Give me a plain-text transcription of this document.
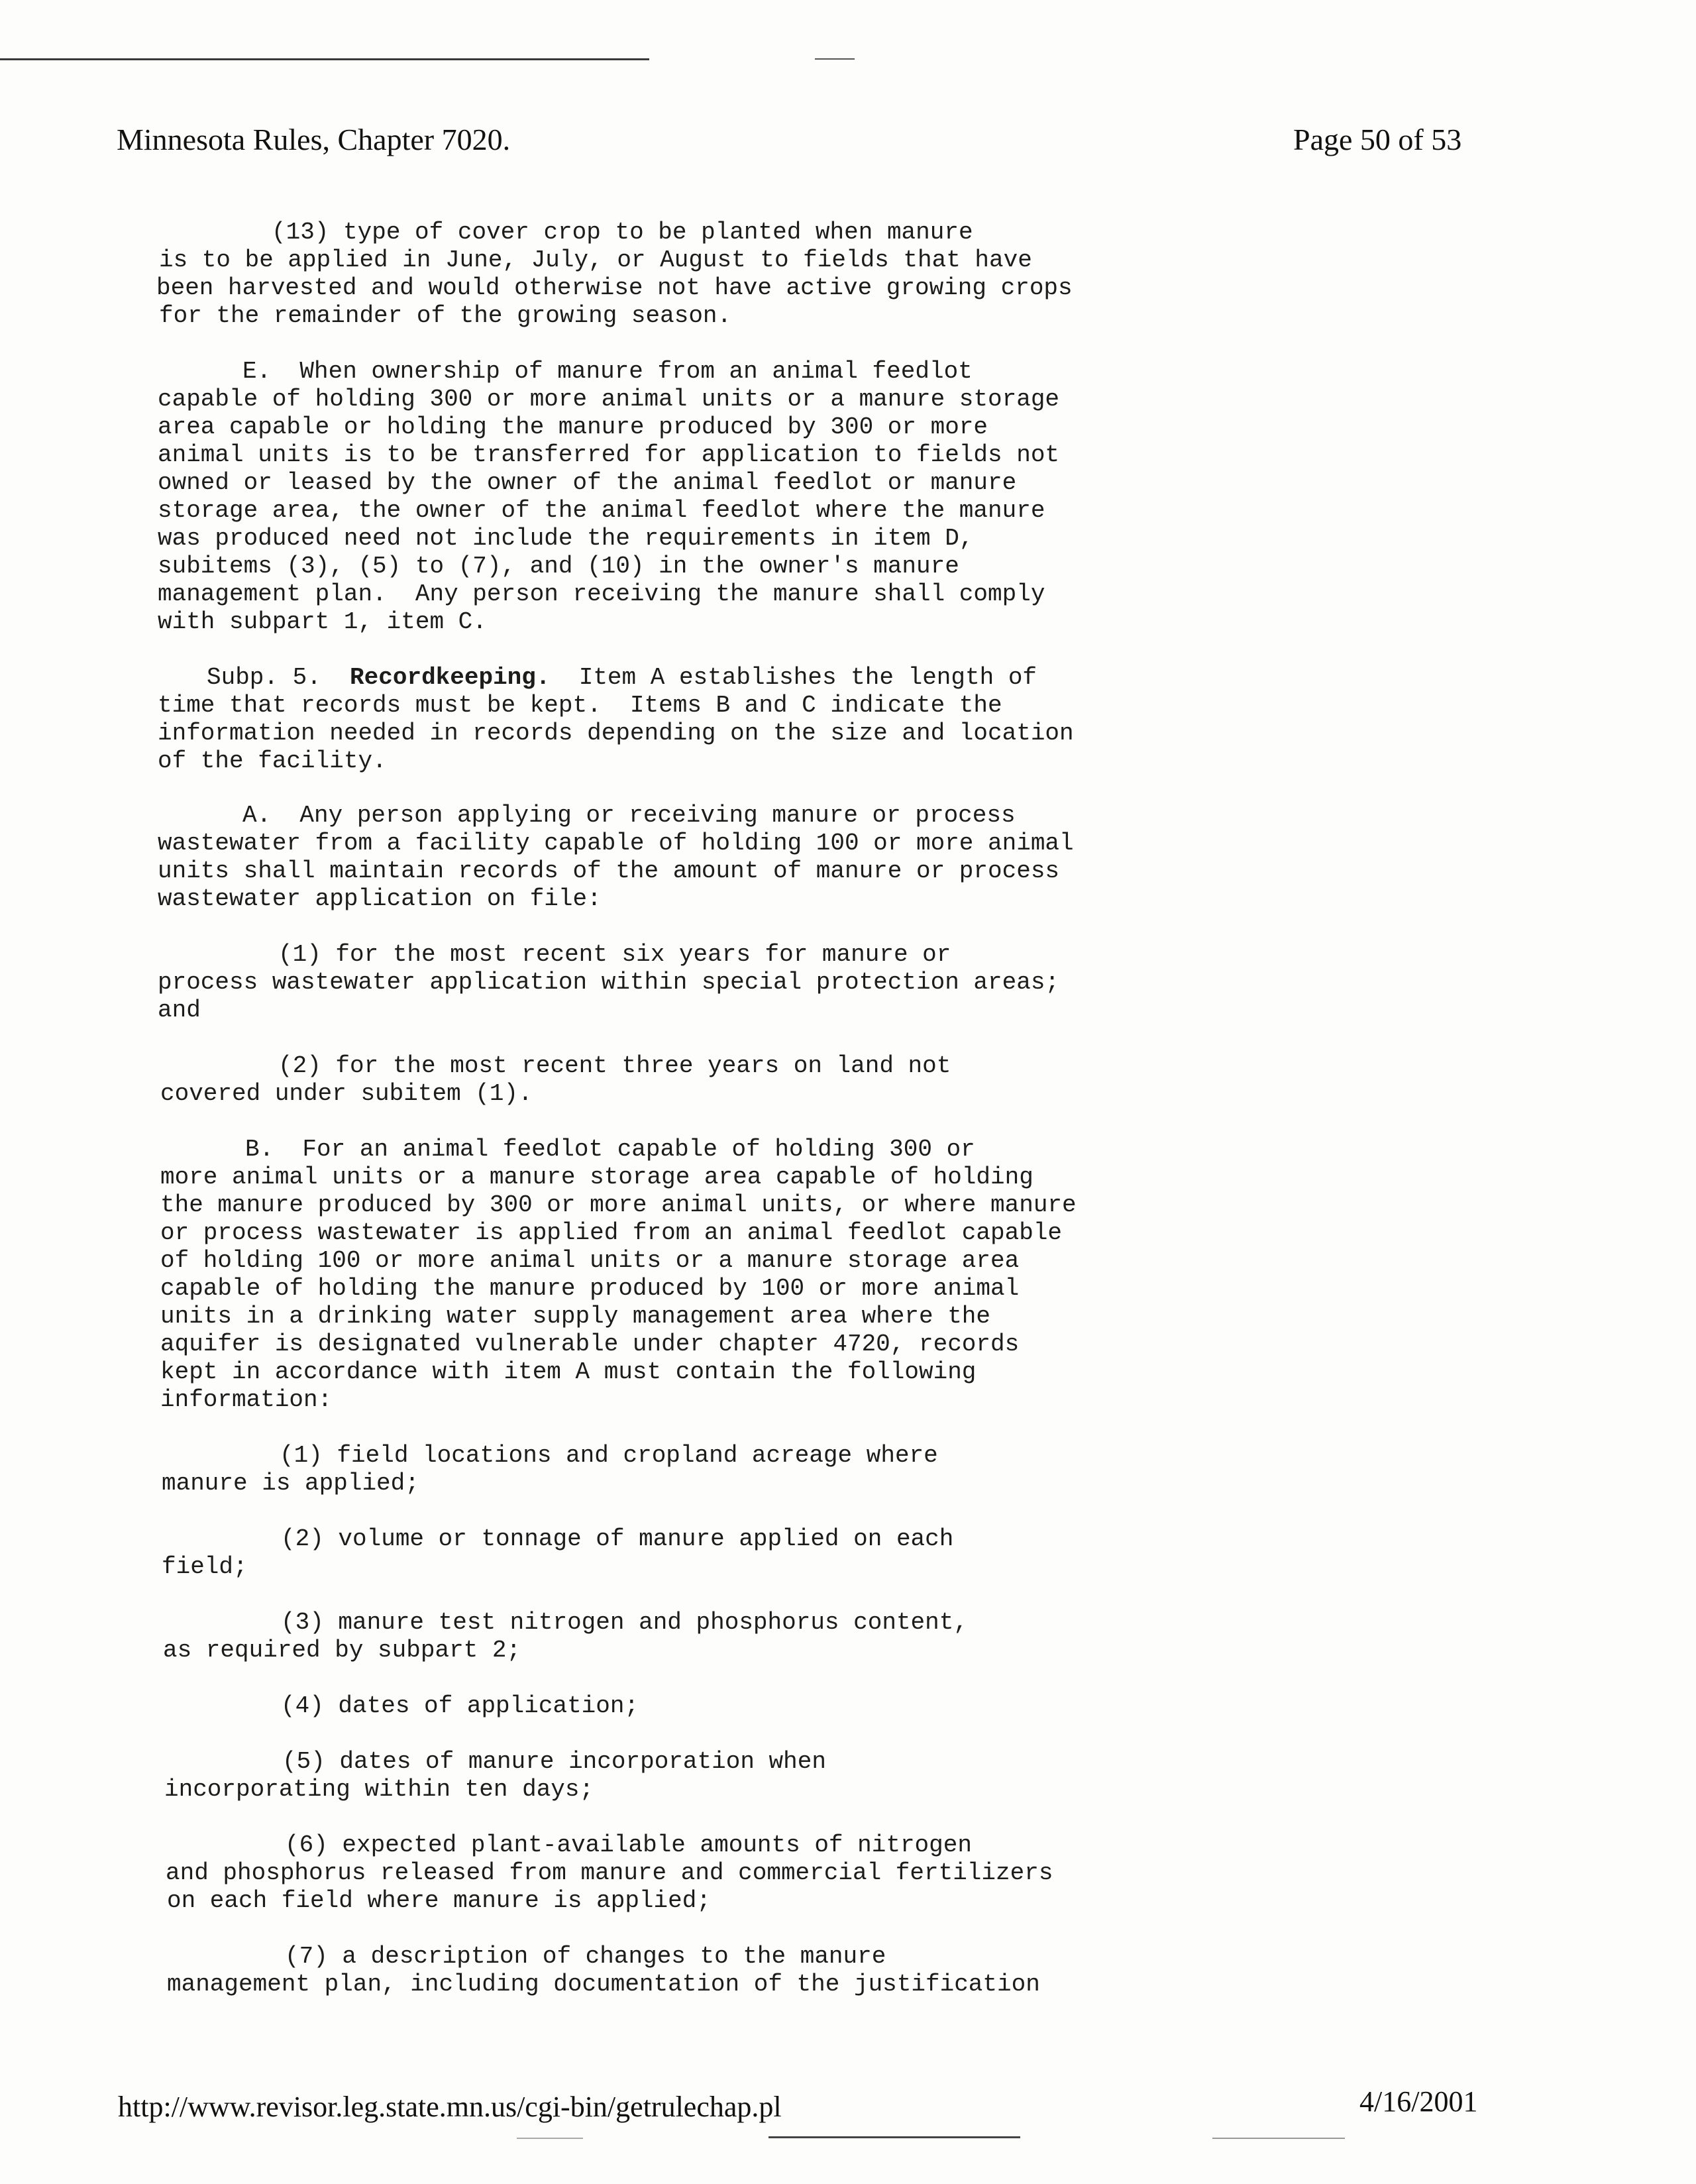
Minnesota Rules, Chapter 7020.	Page 50 of 53
(13) type of cover crop to be planted when manure
is to be applied in June, July, or August to fields that have
been harvested and would otherwise not have active growing crops
for the remainder of the growing season.
E.  When ownership of manure from an animal feedlot
capable of holding 300 or more animal units or a manure storage
area capable or holding the manure produced by 300 or more
animal units is to be transferred for application to fields not
owned or leased by the owner of the animal feedlot or manure
storage area, the owner of the animal feedlot where the manure
was produced need not include the requirements in item D,
subitems (3), (5) to (7), and (10) in the owner's manure
management plan.  Any person receiving the manure shall comply
with subpart 1, item C.
Subp. 5. Recordkeeping. Item A establishes the length of
time that records must be kept.  Items B and C indicate the
information needed in records depending on the size and location
of the facility.
A.  Any person applying or receiving manure or process
wastewater from a facility capable of holding 100 or more animal
units shall maintain records of the amount of manure or process
wastewater application on file:
(1) for the most recent six years for manure or
process wastewater application within special protection areas;
and
(2) for the most recent three years on land not
covered under subitem (1).
B.  For an animal feedlot capable of holding 300 or
more animal units or a manure storage area capable of holding
the manure produced by 300 or more animal units, or where manure
or process wastewater is applied from an animal feedlot capable
of holding 100 or more animal units or a manure storage area
capable of holding the manure produced by 100 or more animal
units in a drinking water supply management area where the
aquifer is designated vulnerable under chapter 4720, records
kept in accordance with item A must contain the following
information:
(1) field locations and cropland acreage where
manure is applied;
(2) volume or tonnage of manure applied on each
field;
(3) manure test nitrogen and phosphorus content,
as required by subpart 2;
(4) dates of application;
(5) dates of manure incorporation when
incorporating within ten days;
(6) expected plant-available amounts of nitrogen
and phosphorus released from manure and commercial fertilizers
on each field where manure is applied;
(7) a description of changes to the manure
management plan, including documentation of the justification
http://www.revisor.leg.state.mn.us/cgi-bin/getrulechap.pl	4/16/2001
